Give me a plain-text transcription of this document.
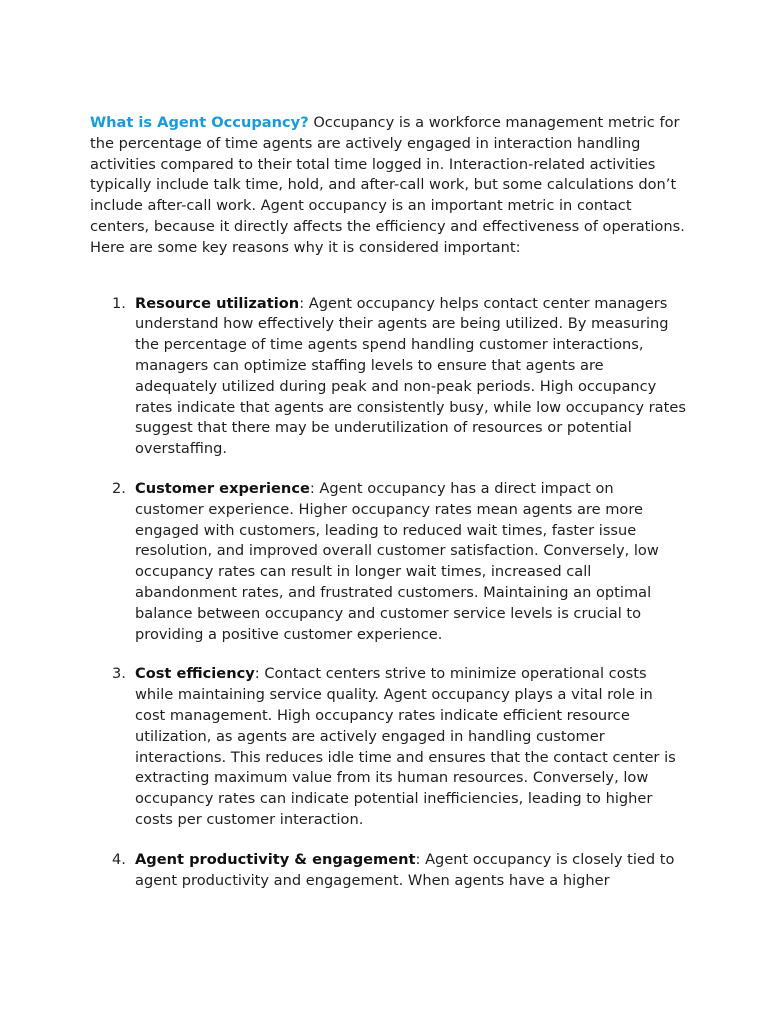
What is Agent Occupancy? Occupancy is a workforce management metric for the percentage of time agents are actively engaged in interaction handling activities compared to their total time logged in. Interaction-related activities typically include talk time, hold, and after-call work, but some calculations don’t include after-call work. Agent occupancy is an important metric in contact centers, because it directly affects the efficiency and effectiveness of operations. Here are some key reasons why it is considered important:

1. Resource utilization: Agent occupancy helps contact center managers understand how effectively their agents are being utilized. By measuring the percentage of time agents spend handling customer interactions, managers can optimize staffing levels to ensure that agents are adequately utilized during peak and non-peak periods. High occupancy rates indicate that agents are consistently busy, while low occupancy rates suggest that there may be underutilization of resources or potential overstaffing.
2. Customer experience: Agent occupancy has a direct impact on customer experience. Higher occupancy rates mean agents are more engaged with customers, leading to reduced wait times, faster issue resolution, and improved overall customer satisfaction. Conversely, low occupancy rates can result in longer wait times, increased call abandonment rates, and frustrated customers. Maintaining an optimal balance between occupancy and customer service levels is crucial to providing a positive customer experience.
3. Cost efficiency: Contact centers strive to minimize operational costs while maintaining service quality. Agent occupancy plays a vital role in cost management. High occupancy rates indicate efficient resource utilization, as agents are actively engaged in handling customer interactions. This reduces idle time and ensures that the contact center is extracting maximum value from its human resources. Conversely, low occupancy rates can indicate potential inefficiencies, leading to higher costs per customer interaction.
4. Agent productivity & engagement: Agent occupancy is closely tied to agent productivity and engagement. When agents have a higher
